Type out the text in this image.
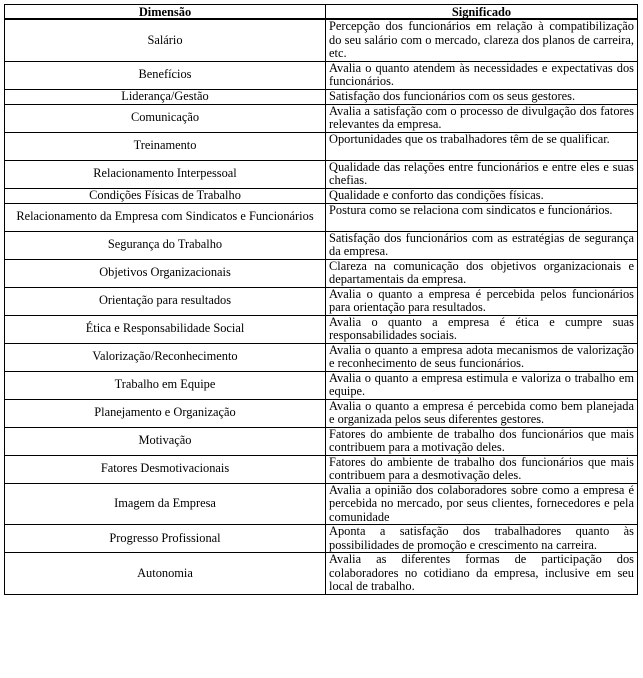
Dimensão	Significado
Salário	Percepção dos funcionários em relação à compatibilização do seu salário com o mercado, clareza dos planos de carreira, etc.
Benefícios	Avalia o quanto atendem às necessidades e expectativas dos funcionários.
Liderança/Gestão	Satisfação dos funcionários com os seus gestores.
Comunicação	Avalia a satisfação com o processo de divulgação dos fatores relevantes da empresa.
Treinamento	Oportunidades que os trabalhadores têm de se qualificar.
Relacionamento Interpessoal	Qualidade das relações entre funcionários e entre eles e suas chefias.
Condições Físicas de Trabalho	Qualidade e conforto das condições físicas.
Relacionamento da Empresa com Sindicatos e Funcionários	Postura como se relaciona com sindicatos e funcionários.
Segurança do Trabalho	Satisfação dos funcionários com as estratégias de segurança da empresa.
Objetivos Organizacionais	Clareza na comunicação dos objetivos organizacionais e departamentais da empresa.
Orientação para resultados	Avalia o quanto a empresa é percebida pelos funcionários para orientação para resultados.
Ética e Responsabilidade Social	Avalia o quanto a empresa é ética e cumpre suas responsabilidades sociais.
Valorização/Reconhecimento	Avalia o quanto a empresa adota mecanismos de valorização e reconhecimento de seus funcionários.
Trabalho em Equipe	Avalia o quanto a empresa estimula e valoriza o trabalho em equipe.
Planejamento e Organização	Avalia o quanto a empresa é percebida como bem planejada e organizada pelos seus diferentes gestores.
Motivação	Fatores do ambiente de trabalho dos funcionários que mais contribuem para a motivação deles.
Fatores Desmotivacionais	Fatores do ambiente de trabalho dos funcionários que mais contribuem para a desmotivação deles.
Imagem da Empresa	Avalia a opinião dos colaboradores sobre como a empresa é percebida no mercado, por seus clientes, fornecedores e pela comunidade
Progresso Profissional	Aponta a satisfação dos trabalhadores quanto às possibilidades de promoção e crescimento na carreira.
Autonomia	Avalia as diferentes formas de participação dos colaboradores no cotidiano da empresa, inclusive em seu local de trabalho.
